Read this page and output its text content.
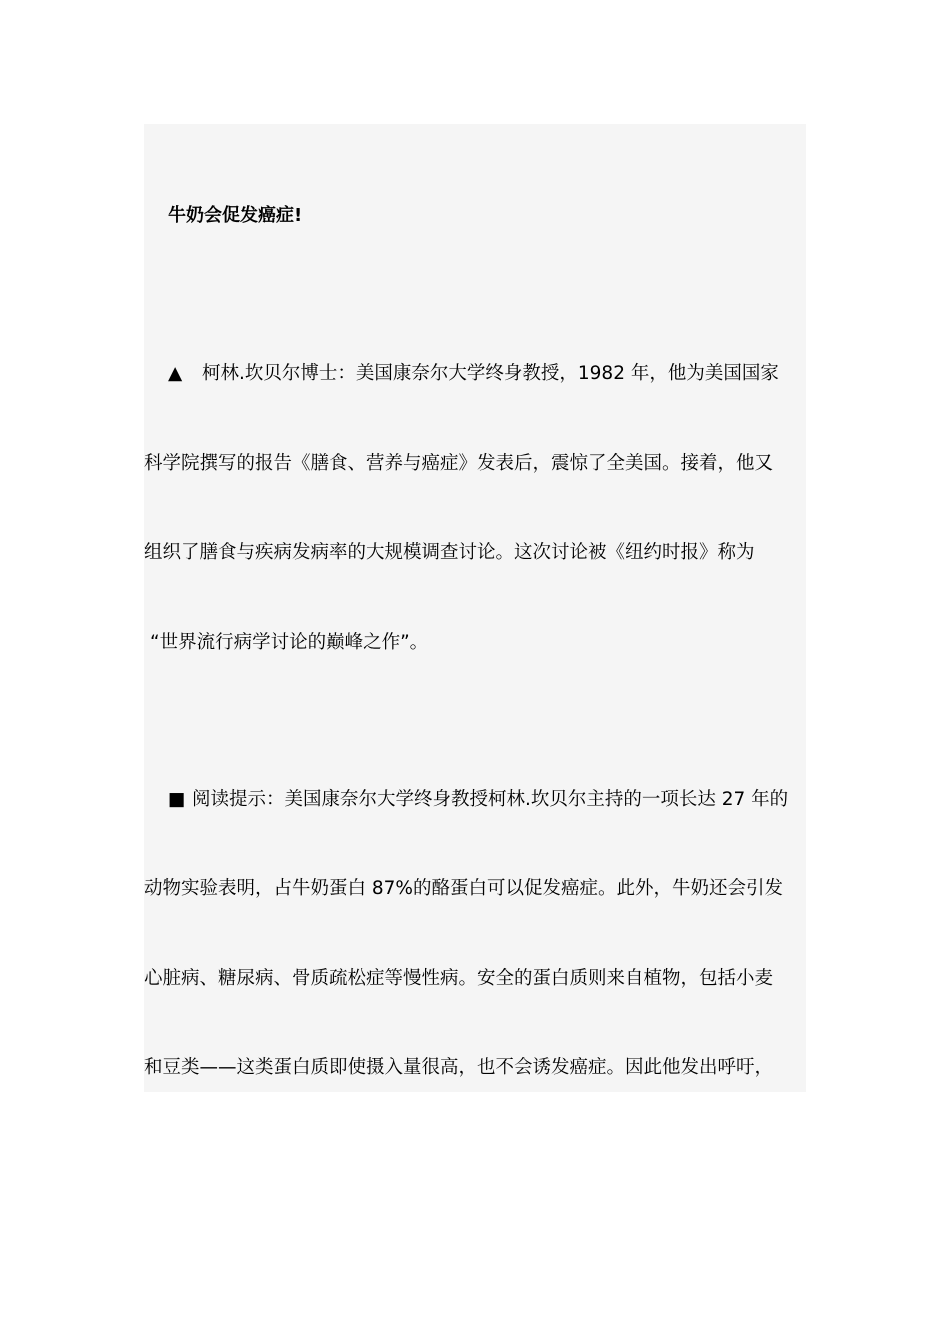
牛奶会促发癌症!
▲ 柯林.坎贝尔博士：美国康奈尔大学终身教授，1982 年，他为美国国家
科学院撰写的报告《膳食、营养与癌症》发表后，震惊了全美国。接着，他又
组织了膳食与疾病发病率的大规模调查讨论。这次讨论被《纽约时报》称为
“世界流行病学讨论的巅峰之作”。
■ 阅读提示：美国康奈尔大学终身教授柯林.坎贝尔主持的一项长达 27 年的
动物实验表明，占牛奶蛋白 87%的酪蛋白可以促发癌症。此外，牛奶还会引发
心脏病、糖尿病、骨质疏松症等慢性病。安全的蛋白质则来自植物，包括小麦
和豆类——这类蛋白质即使摄入量很高，也不会诱发癌症。因此他发出呼吁，
